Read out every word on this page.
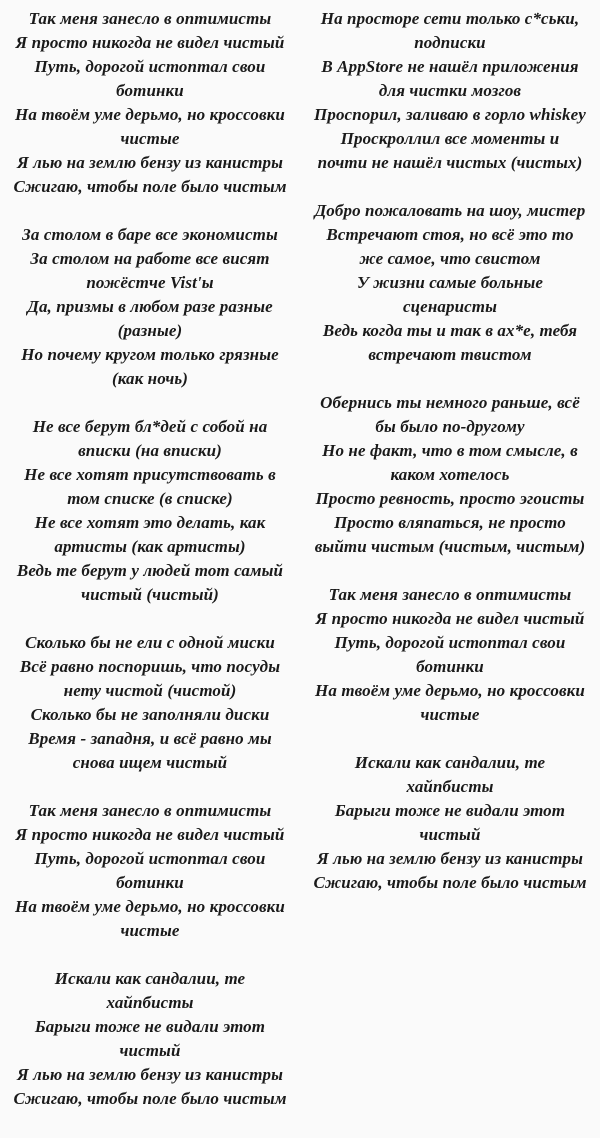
Так меня занесло в оптимисты
Я просто никогда не видел чистый
Путь, дорогой истоптал свои
ботинки
На твоём уме дерьмо, но кроссовки
чистые
Я лью на землю бензу из канистры
Сжигаю, чтобы поле было чистым
За столом в баре все экономисты
За столом на работе все висят
пожёстче Vist'ы
Да, призмы в любом разе разные
(разные)
Но почему кругом только грязные
(как ночь)
Не все берут бл*дей с собой на
вписки (на вписки)
Не все хотят присутствовать в
том списке (в списке)
Не все хотят это делать, как
артисты (как артисты)
Ведь те берут у людей тот самый
чистый (чистый)
Сколько бы не ели с одной миски
Всё равно поспоришь, что посуды
нету чистой (чистой)
Сколько бы не заполняли диски
Время - западня, и всё равно мы
снова ищем чистый
Так меня занесло в оптимисты
Я просто никогда не видел чистый
Путь, дорогой истоптал свои
ботинки
На твоём уме дерьмо, но кроссовки
чистые
Искали как сандалии, те
хайпбисты
Барыги тоже не видали этот
чистый
Я лью на землю бензу из канистры
Сжигаю, чтобы поле было чистым
На просторе сети только с*ськи,
подписки
В AppStore не нашёл приложения
для чистки мозгов
Проспорил, заливаю в горло whiskey
Проскроллил все моменты и
почти не нашёл чистых (чистых)
Добро пожаловать на шоу, мистер
Встречают стоя, но всё это то
же самое, что свистом
У жизни самые больные
сценаристы
Ведь когда ты и так в ах*е, тебя
встречают твистом
Обернись ты немного раньше, всё
бы было по-другому
Но не факт, что в том смысле, в
каком хотелось
Просто ревность, просто эгоисты
Просто вляпаться, не просто
выйти чистым (чистым, чистым)
Так меня занесло в оптимисты
Я просто никогда не видел чистый
Путь, дорогой истоптал свои
ботинки
На твоём уме дерьмо, но кроссовки
чистые
Искали как сандалии, те
хайпбисты
Барыги тоже не видали этот
чистый
Я лью на землю бензу из канистры
Сжигаю, чтобы поле было чистым
